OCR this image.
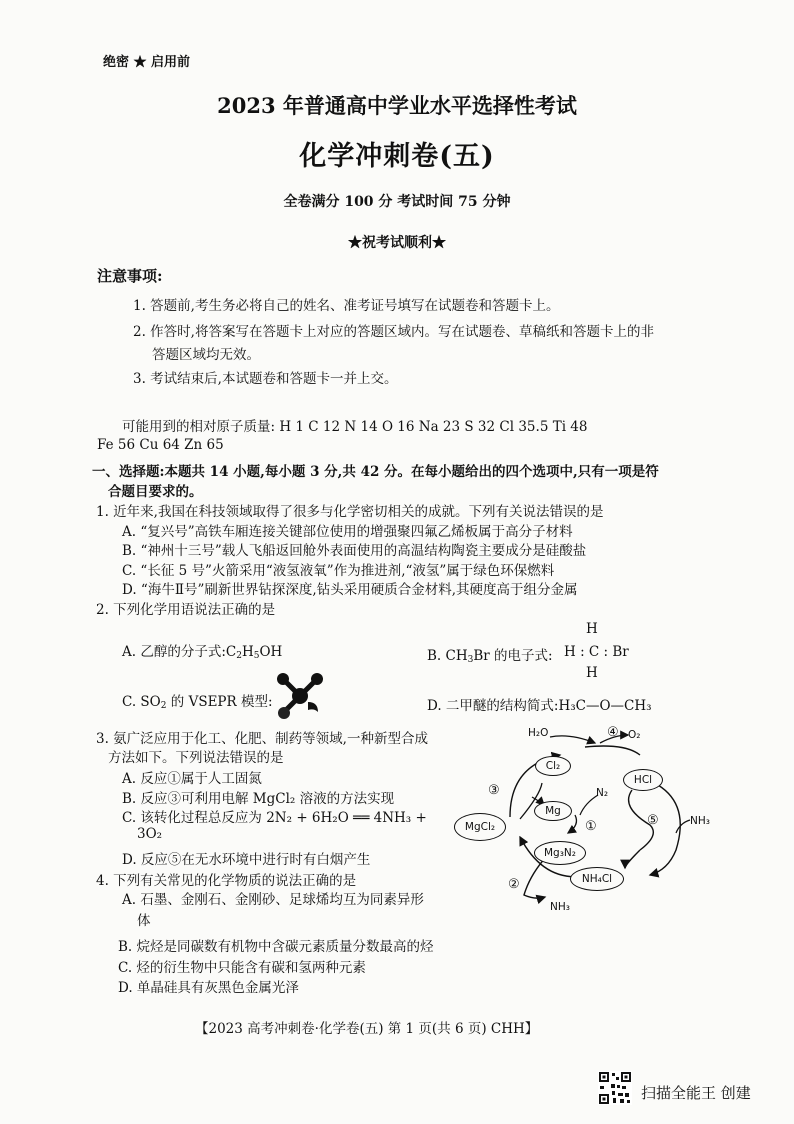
绝密 ★ 启用前
2023 年普通高中学业水平选择性考试
化学冲刺卷(五)
全卷满分 100 分 考试时间 75 分钟
★祝考试顺利★
注意事项:
1. 答题前,考生务必将自己的姓名、准考证号填写在试题卷和答题卡上。
2. 作答时,将答案写在答题卡上对应的答题区域内。写在试题卷、草稿纸和答题卡上的非
答题区域均无效。
3. 考试结束后,本试题卷和答题卡一并上交。
可能用到的相对原子质量: H 1 C 12 N 14 O 16 Na 23 S 32 Cl 35.5 Ti 48
Fe 56 Cu 64 Zn 65
一、选择题:本题共 14 小题,每小题 3 分,共 42 分。在每小题给出的四个选项中,只有一项是符
合题目要求的。
1. 近年来,我国在科技领域取得了很多与化学密切相关的成就。下列有关说法错误的是
A. “复兴号”高铁车厢连接关键部位使用的增强聚四氟乙烯板属于高分子材料
B. “神州十三号”载人飞船返回舱外表面使用的高温结构陶瓷主要成分是硅酸盐
C. “长征 5 号”火箭采用“液氢液氧”作为推进剂,“液氢”属于绿色环保燃料
D. “海牛Ⅱ号”刷新世界钻探深度,钻头采用硬质合金材料,其硬度高于组分金属
2. 下列化学用语说法正确的是
A. 乙醇的分子式$:C_2H_5OH$	B. $CH_3Br$ 的电子式:
H
H : C : Br
H
C. $SO_2$ 的 VSEPR 模型:	D. 二甲醚的结构简式:H₃C—O—CH₃
3. 氨广泛应用于化工、化肥、制药等领域,一种新型合成
方法如下。下列说法错误的是
A. 反应①属于人工固氮
B. 反应③可利用电解 MgCl₂ 溶液的方法实现
C. 该转化过程总反应为 2N₂ + 6H₂O ══ 4NH₃ +
3O₂
D. 反应⑤在无水环境中进行时有白烟产生
H₂O	④ O₂
Cl₂
HCl
③
Mg
N₂
①
MgCl₂	⑤	NH₃
Mg₃N₂
NH₄Cl
②
NH₃
4. 下列有关常见的化学物质的说法正确的是
A. 石墨、金刚石、金刚砂、足球烯均互为同素异形
体
B. 烷烃是同碳数有机物中含碳元素质量分数最高的烃
C. 烃的衍生物中只能含有碳和氢两种元素
D. 单晶硅具有灰黑色金属光泽
【2023 高考冲刺卷·化学卷(五) 第 1 页(共 6 页) CHH】
扫描全能王 创建
